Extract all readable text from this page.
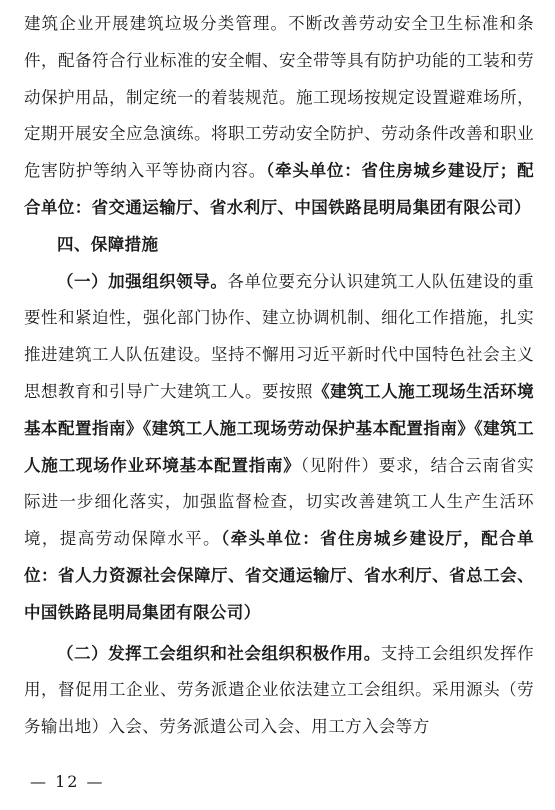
建筑企业开展建筑垃圾分类管理。不断改善劳动安全卫生标准和条件，配备符合行业标准的安全帽、安全带等具有防护功能的工装和劳动保护用品，制定统一的着装规范。施工现场按规定设置避难场所，定期开展安全应急演练。将职工劳动安全防护、劳动条件改善和职业危害防护等纳入平等协商内容。（牵头单位：省住房城乡建设厅；配合单位：省交通运输厅、省水利厅、中国铁路昆明局集团有限公司）

四、保障措施

（一）加强组织领导。各单位要充分认识建筑工人队伍建设的重要性和紧迫性，强化部门协作、建立协调机制、细化工作措施，扎实推进建筑工人队伍建设。坚持不懈用习近平新时代中国特色社会主义思想教育和引导广大建筑工人。要按照《建筑工人施工现场生活环境基本配置指南》《建筑工人施工现场劳动保护基本配置指南》《建筑工人施工现场作业环境基本配置指南》（见附件）要求，结合云南省实际进一步细化落实，加强监督检查，切实改善建筑工人生产生活环境，提高劳动保障水平。（牵头单位：省住房城乡建设厅，配合单位：省人力资源社会保障厅、省交通运输厅、省水利厅、省总工会、中国铁路昆明局集团有限公司）

（二）发挥工会组织和社会组织积极作用。支持工会组织发挥作用，督促用工企业、劳务派遣企业依法建立工会组织。采用源头（劳务输出地）入会、劳务派遣公司入会、用工方入会等方

— 12 —
